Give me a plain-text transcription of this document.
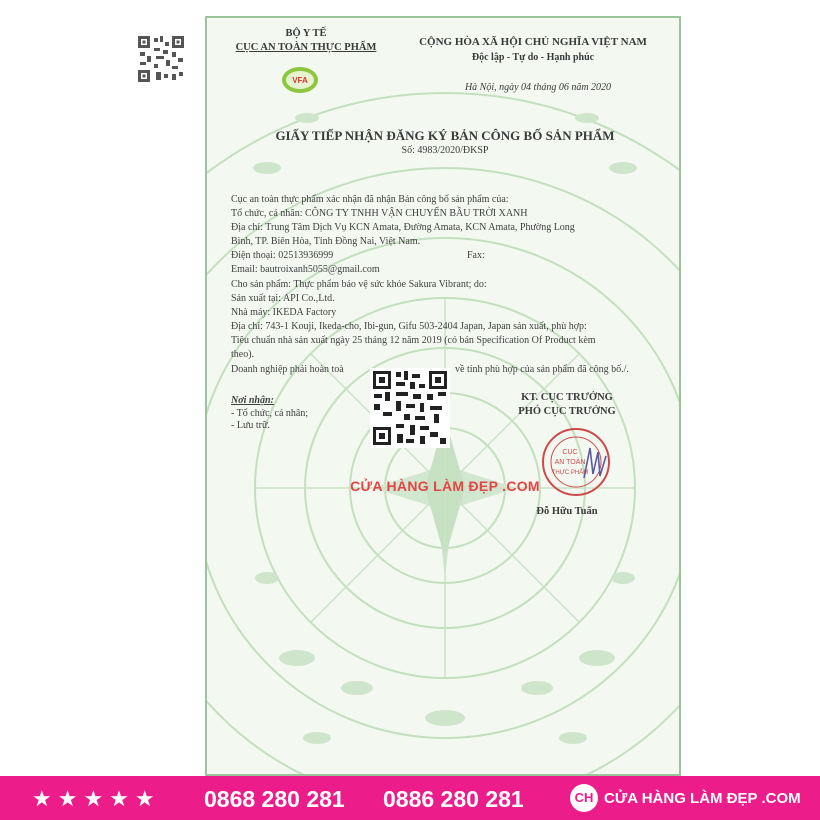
BỘ Y TẾ
CỤC AN TOÀN THỰC PHẨM
VFA
CỘNG HÒA XÃ HỘI CHỦ NGHĨA VIỆT NAM
Độc lập - Tự do - Hạnh phúc
Hà Nội, ngày 04 tháng 06 năm 2020
GIẤY TIẾP NHẬN ĐĂNG KÝ BẢN CÔNG BỐ SẢN PHẨM
Số: 4983/2020/ĐKSP
Cục an toàn thực phẩm xác nhận đã nhận Bản công bố sản phẩm của:
Tổ chức, cá nhân: CÔNG TY TNHH VẬN CHUYỂN BẦU TRỜI XANH
Địa chỉ: Trung Tâm Dịch Vụ KCN Amata, Đường Amata, KCN Amata, Phường Long
Bình, TP. Biên Hòa, Tỉnh Đồng Nai, Việt Nam.
Điện thoại: 02513936999	Fax:
Email: bautroixanh5055@gmail.com
Cho sản phẩm: Thực phẩm bảo vệ sức khỏe Sakura Vibrant; do:
Sản xuất tại: API Co.,Ltd.
Nhà máy: IKEDA Factory
Địa chỉ: 743-1 Kouji, Ikeda-cho, Ibi-gun, Gifu 503-2404 Japan, Japan sản xuất, phù hợp:
Tiêu chuẩn nhà sản xuất ngày 25 tháng 12 năm 2019 (có bản Specification Of Product kèm
theo).
Doanh nghiệp phải hoàn toà	về tính phù hợp của sản phẩm đã công bố./.
Nơi nhận:
- Tổ chức, cá nhân;
- Lưu trữ.
KT. CỤC TRƯỞNG
PHÓ CỤC TRƯỞNG
CỤC
AN TOÀN
THỰC PHẨM
Đỗ Hữu Tuấn
CỬA HÀNG LÀM ĐẸP .COM
★★★★★ 0868 280 281 0886 280 281	CH CỬA HÀNG LÀM ĐẸP .COM
